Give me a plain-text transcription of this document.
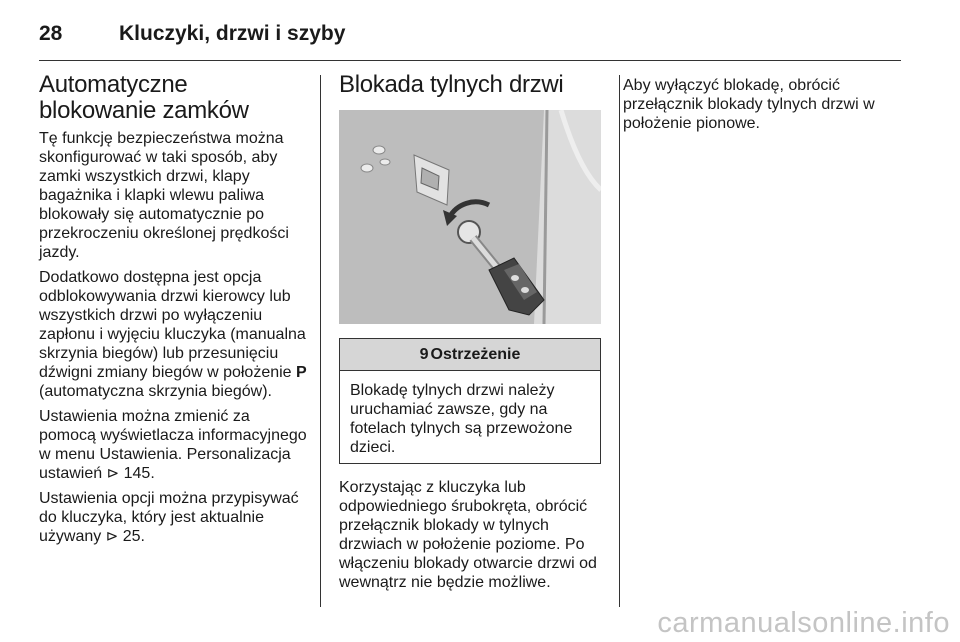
28	Kluczyki, drzwi i szyby
Automatyczne blokowanie zamków

Tę funkcję bezpieczeństwa można skonfigurować w taki sposób, aby zamki wszystkich drzwi, klapy bagażnika i klapki wlewu paliwa blokowały się automatycznie po przekroczeniu określonej prędkości jazdy.

Dodatkowo dostępna jest opcja odblokowywania drzwi kierowcy lub wszystkich drzwi po wyłączeniu zapłonu i wyjęciu kluczyka (manualna skrzynia biegów) lub przesunięciu dźwigni zmiany biegów w położenie P (automatyczna skrzynia biegów).

Ustawienia można zmienić za pomocą wyświetlacza informacyjnego w menu Ustawienia. Personalizacja ustawień ⊳ 145.

Ustawienia opcji można przypisywać do kluczyka, który jest aktualnie używany ⊳ 25.

Blokada tylnych drzwi
9 Ostrzeżenie
Blokadę tylnych drzwi należy uruchamiać zawsze, gdy na fotelach tylnych są przewożone dzieci.

Korzystając z kluczyka lub odpowiedniego śrubokręta, obrócić przełącznik blokady w tylnych drzwiach w położenie poziome. Po włączeniu blokady otwarcie drzwi od wewnątrz nie będzie możliwe.

Aby wyłączyć blokadę, obrócić przełącznik blokady tylnych drzwi w położenie pionowe.

carmanualsonline.info
